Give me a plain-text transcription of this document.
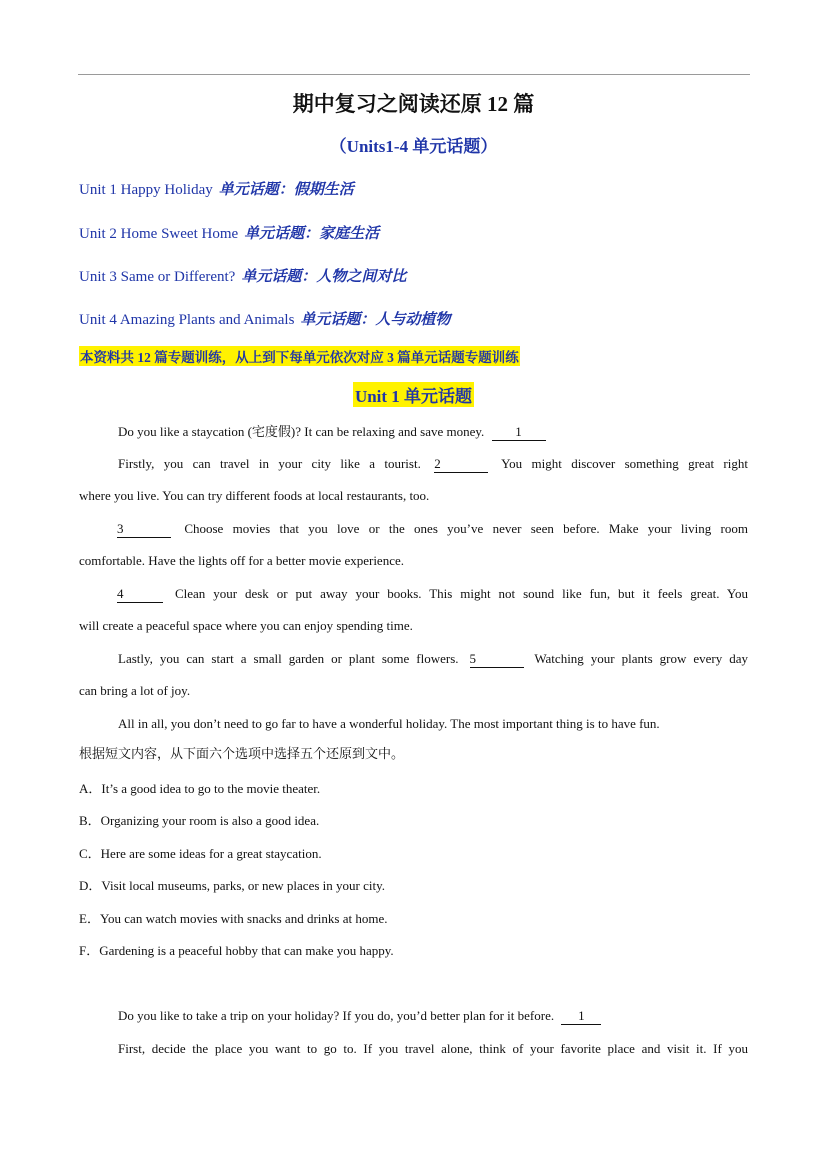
期中复习之阅读还原 12 篇
（Units1-4 单元话题）
Unit 1 Happy Holiday 单元话题：假期生活
Unit 2 Home Sweet Home 单元话题：家庭生活
Unit 3 Same or Different? 单元话题：人物之间对比
Unit 4 Amazing Plants and Animals 单元话题：人与动植物
本资料共 12 篇专题训练，从上到下每单元依次对应 3 篇单元话题专题训练
Unit 1 单元话题
Do you like a staycation (宅度假)? It can be relaxing and save money. 1
Firstly, you can travel in your city like a tourist. 2	You might discover something great right
where you live. You can try different foods at local restaurants, too.
3	Choose movies that you love or the ones you’ve never seen before. Make your living room
comfortable. Have the lights off for a better movie experience.
4	Clean your desk or put away your books. This might not sound like fun, but it feels great. You
will create a peaceful space where you can enjoy spending time.
Lastly, you can start a small garden or plant some flowers. 5	Watching your plants grow every day
can bring a lot of joy.
All in all, you don’t need to go far to have a wonderful holiday. The most important thing is to have fun.
根据短文内容，从下面六个选项中选择五个还原到文中。
A．It’s a good idea to go to the movie theater.
B．Organizing your room is also a good idea.
C．Here are some ideas for a great staycation.
D．Visit local museums, parks, or new places in your city.
E．You can watch movies with snacks and drinks at home.
F．Gardening is a peaceful hobby that can make you happy.
Do you like to take a trip on your holiday? If you do, you’d better plan for it before. 1
First, decide the place you want to go to. If you travel alone, think of your favorite place and visit it. If you
